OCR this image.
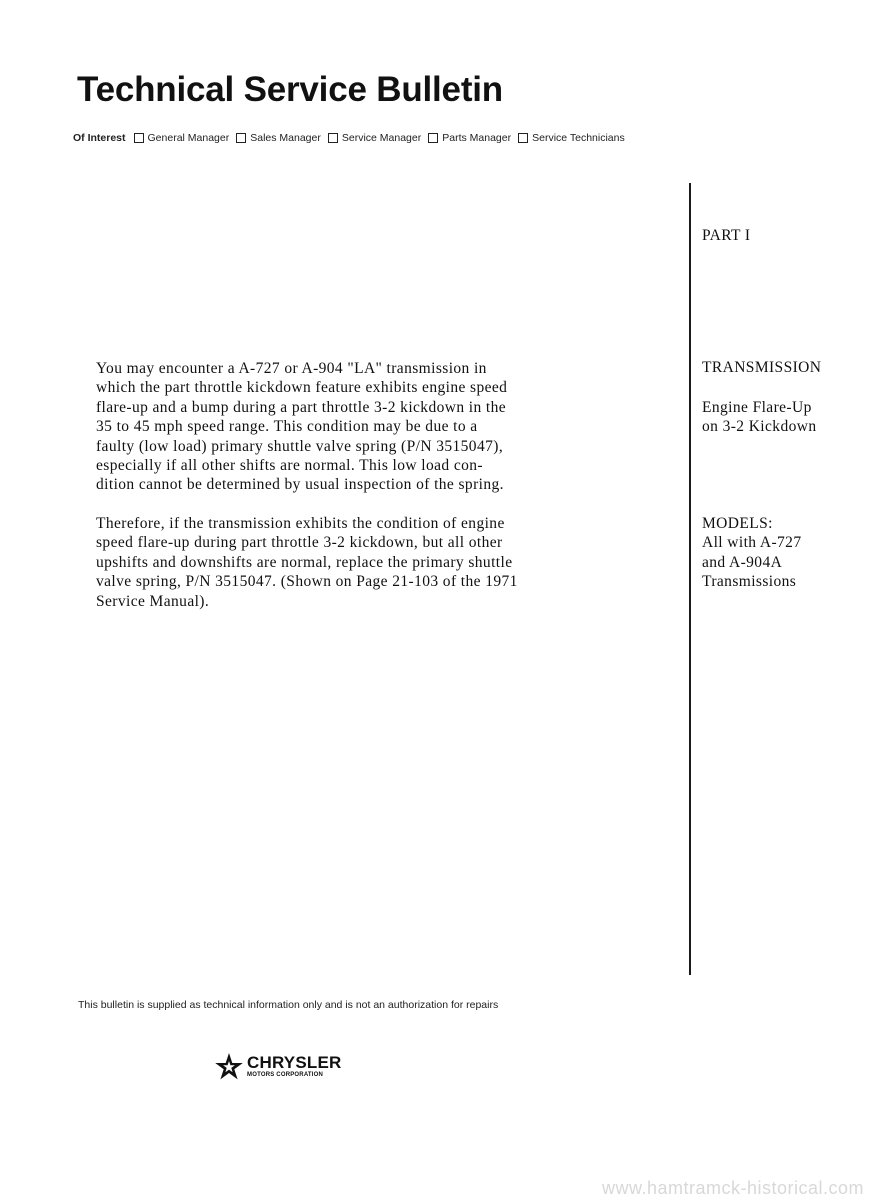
Technical Service Bulletin
Of Interest General Manager Sales Manager Service Manager Parts Manager Service Technicians

You may encounter a A-727 or A-904 "LA" transmission in
which the part throttle kickdown feature exhibits engine speed
flare-up and a bump during a part throttle 3-2 kickdown in the
35 to 45 mph speed range. This condition may be due to a
faulty (low load) primary shuttle valve spring (P/N 3515047),
especially if all other shifts are normal. This low load con-
dition cannot be determined by usual inspection of the spring.

Therefore, if the transmission exhibits the condition of engine
speed flare-up during part throttle 3-2 kickdown, but all other
upshifts and downshifts are normal, replace the primary shuttle
valve spring, P/N 3515047. (Shown on Page 21-103 of the 1971
Service Manual).

PART I

TRANSMISSION

Engine Flare-Up
on 3-2 Kickdown

MODELS:
All with A-727
and A-904A
Transmissions

This bulletin is supplied as technical information only and is not an authorization for repairs
CHRYSLER
MOTORS CORPORATION
www.hamtramck-historical.com
